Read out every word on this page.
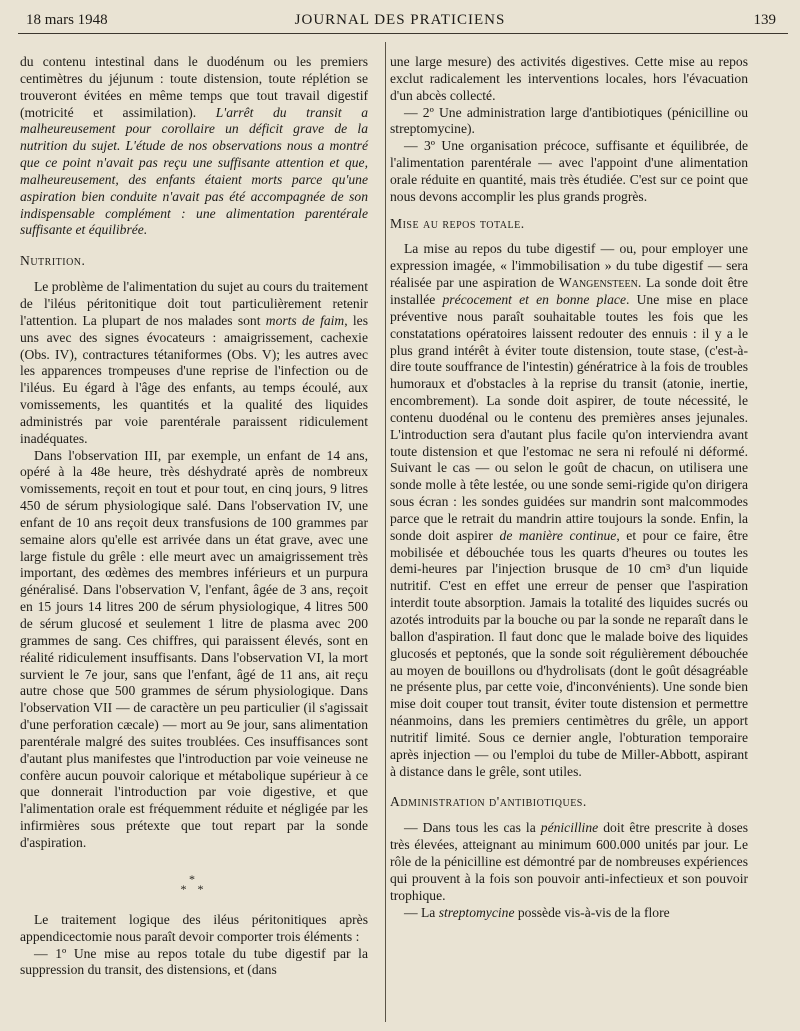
18 mars 1948	JOURNAL DES PRATICIENS	139

du contenu intestinal dans le duodénum ou les premiers centimètres du jéjunum : toute distension, toute réplétion se trouveront évitées en même temps que tout travail digestif (motricité et assimilation). L'arrêt du transit a malheureusement pour corollaire un déficit grave de la nutrition du sujet. L'étude de nos observations nous a montré que ce point n'avait pas reçu une suffisante attention et que, malheureusement, des enfants étaient morts parce qu'une aspiration bien conduite n'avait pas été accompagnée de son indispensable complément : une alimentation parentérale suffisante et équilibrée.

Nutrition.

Le problème de l'alimentation du sujet au cours du traitement de l'iléus péritonitique doit tout particulièrement retenir l'attention. La plupart de nos malades sont morts de faim, les uns avec des signes évocateurs : amaigrissement, cachexie (Obs. IV), contractures tétaniformes (Obs. V); les autres avec les apparences trompeuses d'une reprise de l'infection ou de l'iléus. Eu égard à l'âge des enfants, au temps écoulé, aux vomissements, les quantités et la qualité des liquides administrés par voie parentérale paraissent ridiculement inadéquates.

Dans l'observation III, par exemple, un enfant de 14 ans, opéré à la 48e heure, très déshydraté après de nombreux vomissements, reçoit en tout et pour tout, en cinq jours, 9 litres 450 de sérum physiologique salé. Dans l'observation IV, une enfant de 10 ans reçoit deux transfusions de 100 grammes par semaine alors qu'elle est arrivée dans un état grave, avec une large fistule du grêle : elle meurt avec un amaigrissement très important, des œdèmes des membres inférieurs et un purpura généralisé. Dans l'observation V, l'enfant, âgée de 3 ans, reçoit en 15 jours 14 litres 200 de sérum physiologique, 4 litres 500 de sérum glucosé et seulement 1 litre de plasma avec 200 grammes de sang. Ces chiffres, qui paraissent élevés, sont en réalité ridiculement insuffisants. Dans l'observation VI, la mort survient le 7e jour, sans que l'enfant, âgé de 11 ans, ait reçu autre chose que 500 grammes de sérum physiologique. Dans l'observation VII — de caractère un peu particulier (il s'agissait d'une perforation cæcale) — mort au 9e jour, sans alimentation parentérale malgré des suites troublées. Ces insuffisances sont d'autant plus manifestes que l'introduction par voie veineuse ne confère aucun pouvoir calorique et métabolique supérieur à ce que donnerait l'introduction par voie digestive, et que l'alimentation orale est fréquemment réduite et négligée par les infirmières sous prétexte que tout repart par la sonde d'aspiration.

*
* *

Le traitement logique des iléus péritonitiques après appendicectomie nous paraît devoir comporter trois éléments :

— 1º Une mise au repos totale du tube digestif par la suppression du transit, des distensions, et (dans

une large mesure) des activités digestives. Cette mise au repos exclut radicalement les interventions locales, hors l'évacuation d'un abcès collecté.

— 2º Une administration large d'antibiotiques (pénicilline ou streptomycine).

— 3º Une organisation précoce, suffisante et équilibrée, de l'alimentation parentérale — avec l'appoint d'une alimentation orale réduite en quantité, mais très étudiée. C'est sur ce point que nous devons accomplir les plus grands progrès.

Mise au repos totale.

La mise au repos du tube digestif — ou, pour employer une expression imagée, « l'immobilisation » du tube digestif — sera réalisée par une aspiration de Wangensteen. La sonde doit être installée précocement et en bonne place. Une mise en place préventive nous paraît souhaitable toutes les fois que les constatations opératoires laissent redouter des ennuis : il y a le plus grand intérêt à éviter toute distension, toute stase, (c'est-à-dire toute souffrance de l'intestin) génératrice à la fois de troubles humoraux et d'obstacles à la reprise du transit (atonie, inertie, encombrement). La sonde doit aspirer, de toute nécessité, le contenu duodénal ou le contenu des premières anses jejunales. L'introduction sera d'autant plus facile qu'on interviendra avant toute distension et que l'estomac ne sera ni refoulé ni déformé. Suivant le cas — ou selon le goût de chacun, on utilisera une sonde molle à tête lestée, ou une sonde semi-rigide qu'on dirigera sous écran : les sondes guidées sur mandrin sont malcommodes parce que le retrait du mandrin attire toujours la sonde. Enfin, la sonde doit aspirer de manière continue, et pour ce faire, être mobilisée et débouchée tous les quarts d'heures ou toutes les demi-heures par l'injection brusque de 10 cm³ d'un liquide nutritif. C'est en effet une erreur de penser que l'aspiration interdit toute absorption. Jamais la totalité des liquides sucrés ou azotés introduits par la bouche ou par la sonde ne reparaît dans le ballon d'aspiration. Il faut donc que le malade boive des liquides glucosés et peptonés, que la sonde soit régulièrement débouchée au moyen de bouillons ou d'hydrolisats (dont le goût désagréable ne présente plus, par cette voie, d'inconvénients). Une sonde bien mise doit couper tout transit, éviter toute distension et permettre néanmoins, dans les premiers centimètres du grêle, un apport nutritif limité. Sous ce dernier angle, l'obturation temporaire après injection — ou l'emploi du tube de Miller-Abbott, aspirant à distance dans le grêle, sont utiles.

Administration d'antibiotiques.

— Dans tous les cas la pénicilline doit être prescrite à doses très élevées, atteignant au minimum 600.000 unités par jour. Le rôle de la pénicilline est démontré par de nombreuses expériences qui prouvent à la fois son pouvoir anti-infectieux et son pouvoir trophique.

— La streptomycine possède vis-à-vis de la flore
